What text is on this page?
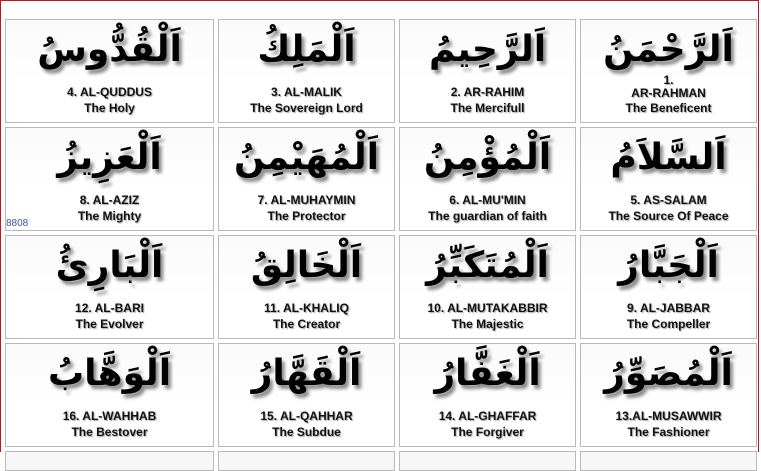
اَلْقُدُّوسُ
4. AL-QUDDUS
The Holy
اَلْمَلِكُ
3. AL-MALIK
The Sovereign Lord
اَلرَّحِيمُ
2. AR-RAHIM
The Mercifull
اَلرَّحْمَنُ
1.
AR-RAHMAN
The Beneficent
اَلْعَزِيزُ
8. AL-AZIZ
The Mighty
اَلْمُهَيْمِنُ
7. AL-MUHAYMIN
The Protector
اَلْمُؤْمِنُ
6. AL-MU'MIN
The guardian of faith
اَلسَّلاَمُ
5. AS-SALAM
The Source Of Peace
اَلْبَارِئُ
12. AL-BARI
The Evolver
اَلْخَالِقُ
11. AL-KHALIQ
The Creator
اَلْمُتَكَبِّرُ
10. AL-MUTAKABBIR
The Majestic
اَلْجَبَّارُ
9. AL-JABBAR
The Compeller
اَلْوَهَّابُ
16. AL-WAHHAB
The Bestover
اَلْقَهَّارُ
15. AL-QAHHAR
The Subdue
اَلْغَفَّارُ
14. AL-GHAFFAR
The Forgiver
اَلْمُصَوِّرُ
13.AL-MUSAWWIR
The Fashioner
8808
